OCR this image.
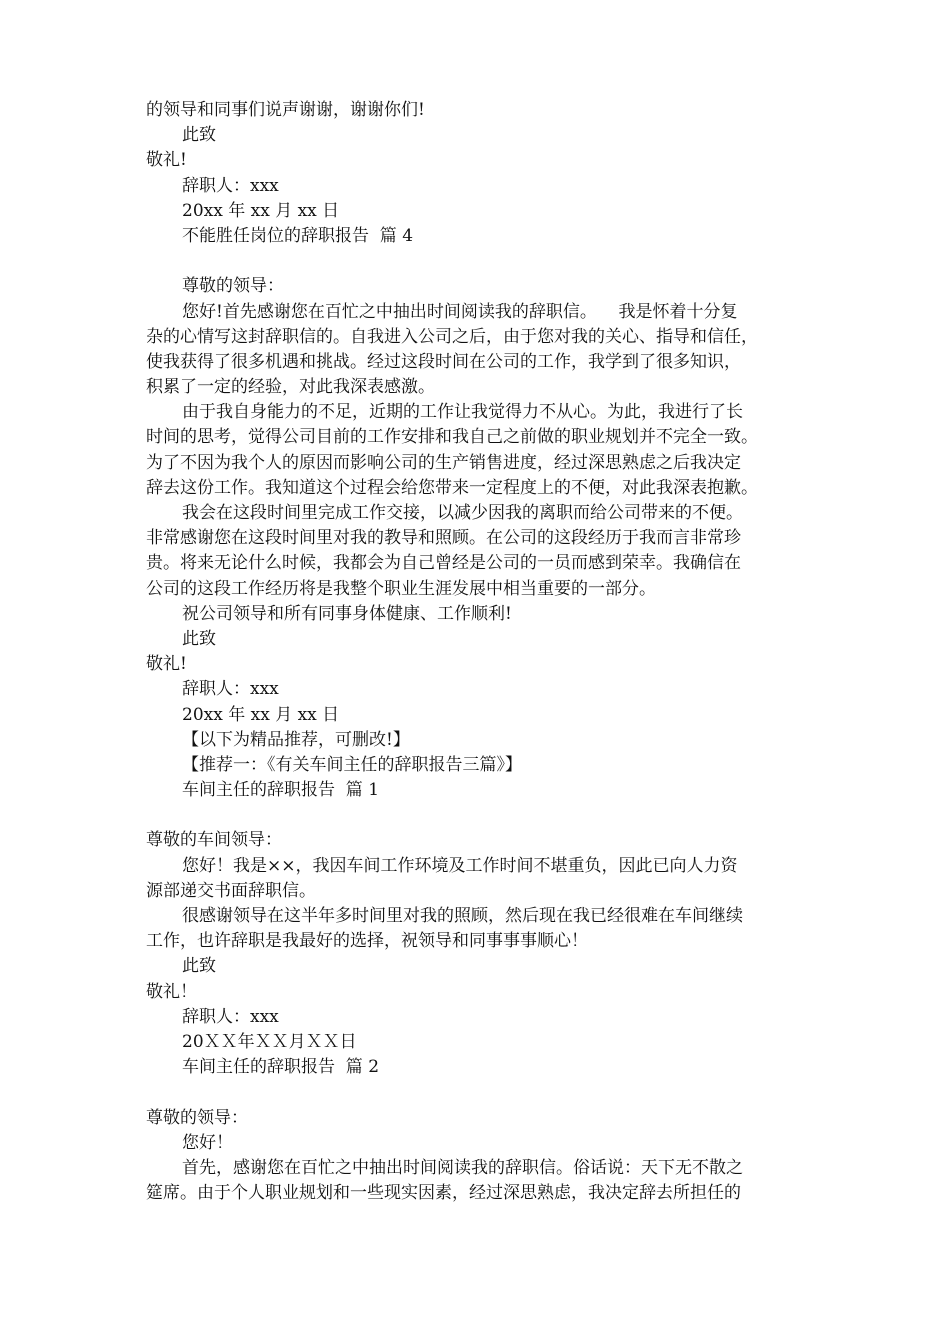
的领导和同事们说声谢谢，谢谢你们!
此致
敬礼!
辞职人：xxx
20xx 年 xx 月 xx 日
不能胜任岗位的辞职报告  篇 4
尊敬的领导：
您好!首先感谢您在百忙之中抽出时间阅读我的辞职信。    我是怀着十分复
杂的心情写这封辞职信的。自我进入公司之后，由于您对我的关心、指导和信任，
使我获得了很多机遇和挑战。经过这段时间在公司的工作，我学到了很多知识，
积累了一定的经验，对此我深表感激。
由于我自身能力的不足，近期的工作让我觉得力不从心。为此，我进行了长
时间的思考，觉得公司目前的工作安排和我自己之前做的职业规划并不完全一致。
为了不因为我个人的原因而影响公司的生产销售进度，经过深思熟虑之后我决定
辞去这份工作。我知道这个过程会给您带来一定程度上的不便，对此我深表抱歉。
我会在这段时间里完成工作交接，以减少因我的离职而给公司带来的不便。
非常感谢您在这段时间里对我的教导和照顾。在公司的这段经历于我而言非常珍
贵。将来无论什么时候，我都会为自己曾经是公司的一员而感到荣幸。我确信在
公司的这段工作经历将是我整个职业生涯发展中相当重要的一部分。
祝公司领导和所有同事身体健康、工作顺利!
此致
敬礼!
辞职人：xxx
20xx 年 xx 月 xx 日
【以下为精品推荐，可删改!】
【推荐一：《有关车间主任的辞职报告三篇》】
车间主任的辞职报告  篇 1
尊敬的车间领导：
您好！我是××，我因车间工作环境及工作时间不堪重负，因此已向人力资
源部递交书面辞职信。
很感谢领导在这半年多时间里对我的照顾，然后现在我已经很难在车间继续
工作，也许辞职是我最好的选择，祝领导和同事事事顺心！
此致
敬礼！
辞职人：xxx
20ＸＸ年ＸＸ月ＸＸ日
车间主任的辞职报告  篇 2
尊敬的领导：
您好！
首先，感谢您在百忙之中抽出时间阅读我的辞职信。俗话说：天下无不散之
筵席。由于个人职业规划和一些现实因素，经过深思熟虑，我决定辞去所担任的
